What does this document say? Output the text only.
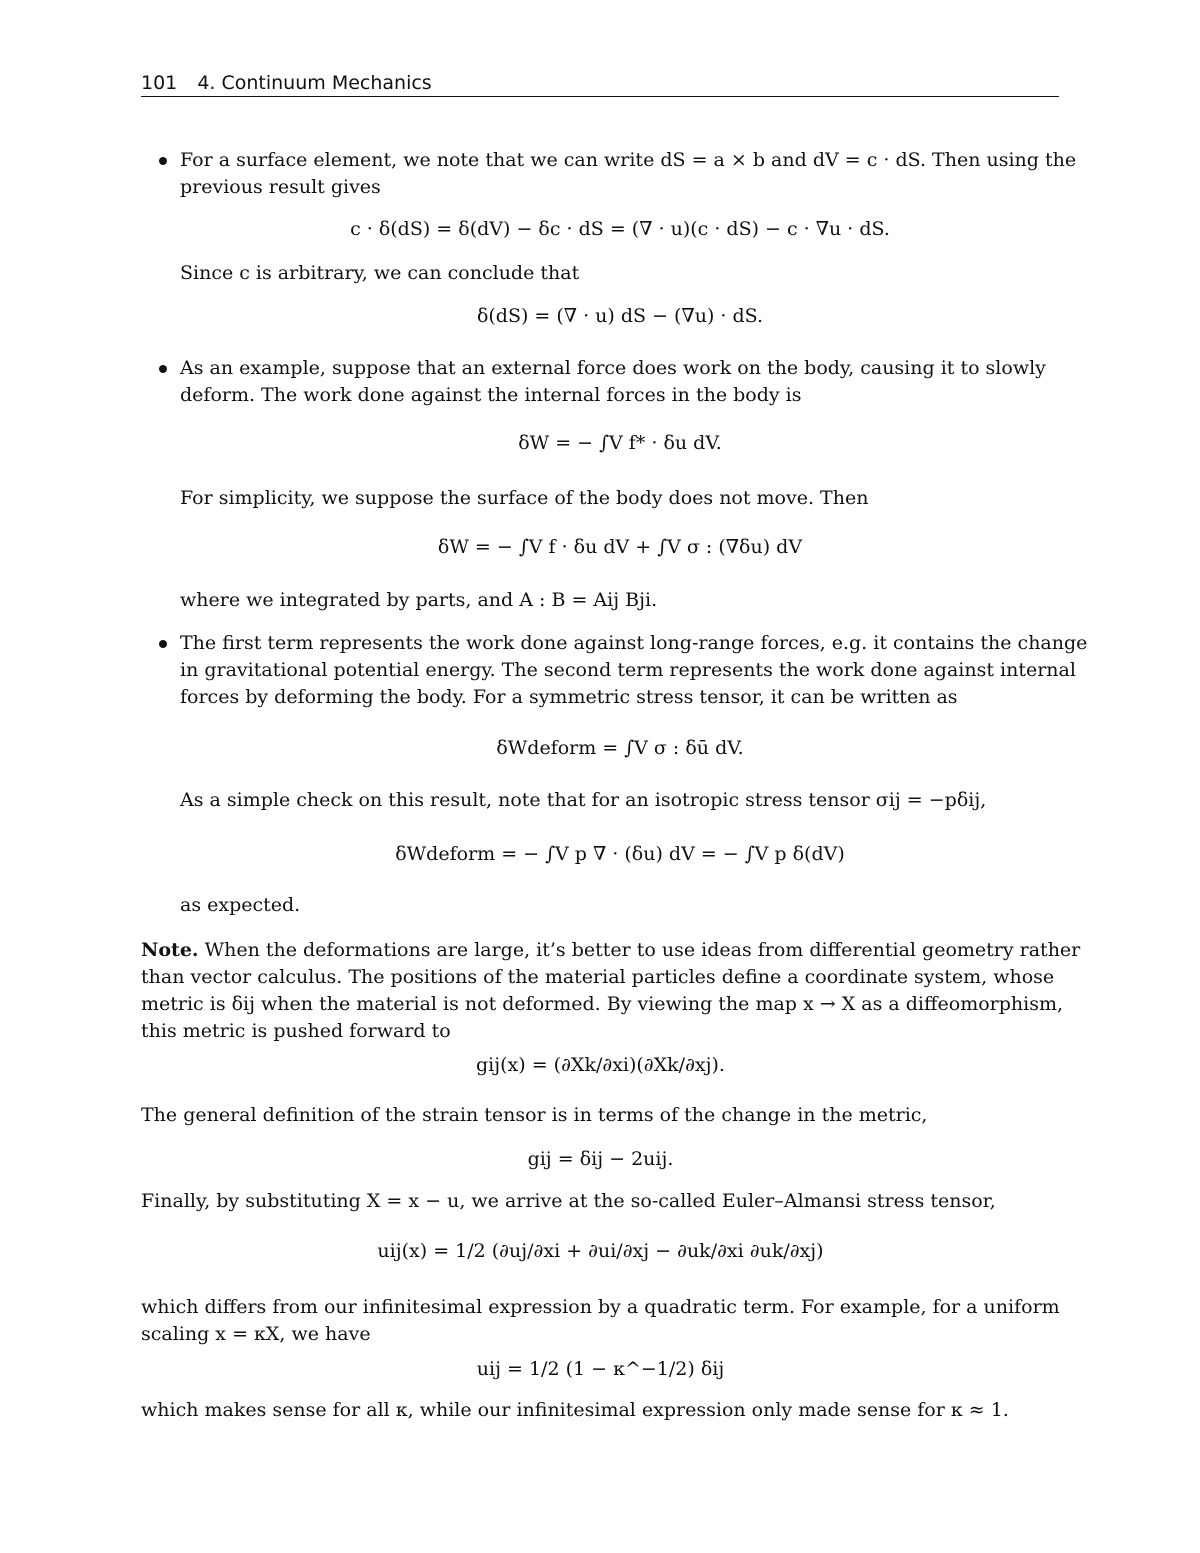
101 4. Continuum Mechanics
For a surface element, we note that we can write dS = a × b and dV = c · dS. Then using the
previous result gives
c · δ(dS) = δ(dV) − δc · dS = (∇ · u)(c · dS) − c · ∇u · dS.
Since c is arbitrary, we can conclude that
δ(dS) = (∇ · u) dS − (∇u) · dS.
As an example, suppose that an external force does work on the body, causing it to slowly
deform. The work done against the internal forces in the body is
δW = − ∫V f* · δu dV.
For simplicity, we suppose the surface of the body does not move. Then
δW = − ∫V f · δu dV + ∫V σ : (∇δu) dV
where we integrated by parts, and A : B = Aij Bji.
The first term represents the work done against long-range forces, e.g. it contains the change
in gravitational potential energy. The second term represents the work done against internal
forces by deforming the body. For a symmetric stress tensor, it can be written as
δWdeform = ∫V σ : δū dV.
As a simple check on this result, note that for an isotropic stress tensor σij = −pδij,
δWdeform = − ∫V p ∇ · (δu) dV = − ∫V p δ(dV)
as expected.
Note. When the deformations are large, it’s better to use ideas from differential geometry rather
than vector calculus. The positions of the material particles define a coordinate system, whose
metric is δij when the material is not deformed. By viewing the map x → X as a diffeomorphism,
this metric is pushed forward to
gij(x) = (∂Xk/∂xi)(∂Xk/∂xj).
The general definition of the strain tensor is in terms of the change in the metric,
gij = δij − 2uij.
Finally, by substituting X = x − u, we arrive at the so-called Euler–Almansi stress tensor,
uij(x) = 1/2 (∂uj/∂xi + ∂ui/∂xj − ∂uk/∂xi ∂uk/∂xj)
which differs from our infinitesimal expression by a quadratic term. For example, for a uniform
scaling x = κX, we have
uij = 1/2 (1 − κ^−1/2) δij
which makes sense for all κ, while our infinitesimal expression only made sense for κ ≈ 1.
